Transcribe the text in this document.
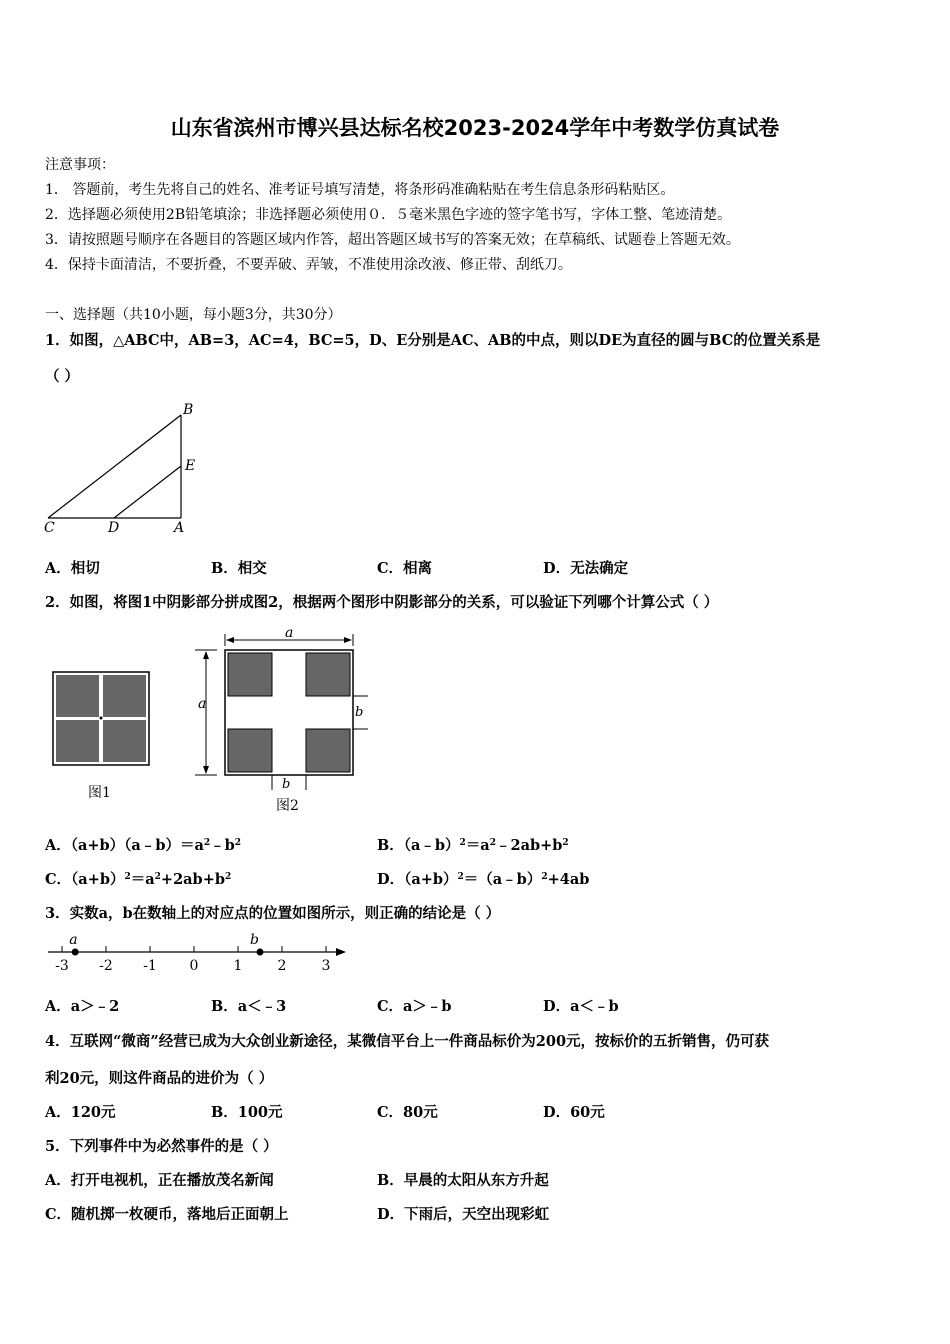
山东省滨州市博兴县达标名校2023-2024学年中考数学仿真试卷
注意事项：
1． 答题前，考生先将自己的姓名、准考证号填写清楚，将条形码准确粘贴在考生信息条形码粘贴区。
2．选择题必须使用2B铅笔填涂；非选择题必须使用０．５毫米黑色字迹的签字笔书写，字体工整、笔迹清楚。
3．请按照题号顺序在各题目的答题区域内作答，超出答题区域书写的答案无效；在草稿纸、试题卷上答题无效。
4．保持卡面清洁，不要折叠，不要弄破、弄皱，不准使用涂改液、修正带、刮纸刀。
一、选择题（共10小题，每小题3分，共30分）
1．如图，△ABC中，AB=3，AC=4，BC=5，D、E分别是AC、AB的中点，则以DE为直径的圆与BC的位置关系是
（ ）
B
E
C	D	A
A．相切	B．相交	C．相离	D．无法确定
2．如图，将图1中阴影部分拼成图2，根据两个图形中阴影部分的关系，可以验证下列哪个计算公式（ ）
图1
a
a
b
b
图2
A．$(a+b)(a﹣b)=a^2﹣b^2$	B．$(a﹣b)^2=a^2﹣2ab+b^2$
C．$(a+b)^2=a^2+2ab+b^2$	D．$(a+b)^2=(a﹣b)^2+4ab$
3．实数a，b在数轴上的对应点的位置如图所示，则正确的结论是（ ）
-3 -2 -1 0	1	2	3
a	b
A．a＞﹣2	B．a＜﹣3	C．a＞﹣b	D．a＜﹣b
4．互联网“微商”经营已成为大众创业新途径，某微信平台上一件商品标价为200元，按标价的五折销售，仍可获
利20元，则这件商品的进价为（ ）
A．120元	B．100元	C．80元	D．60元
5．下列事件中为必然事件的是（ ）
A．打开电视机，正在播放茂名新闻	B．早晨的太阳从东方升起
C．随机掷一枚硬币，落地后正面朝上	D．下雨后，天空出现彩虹
